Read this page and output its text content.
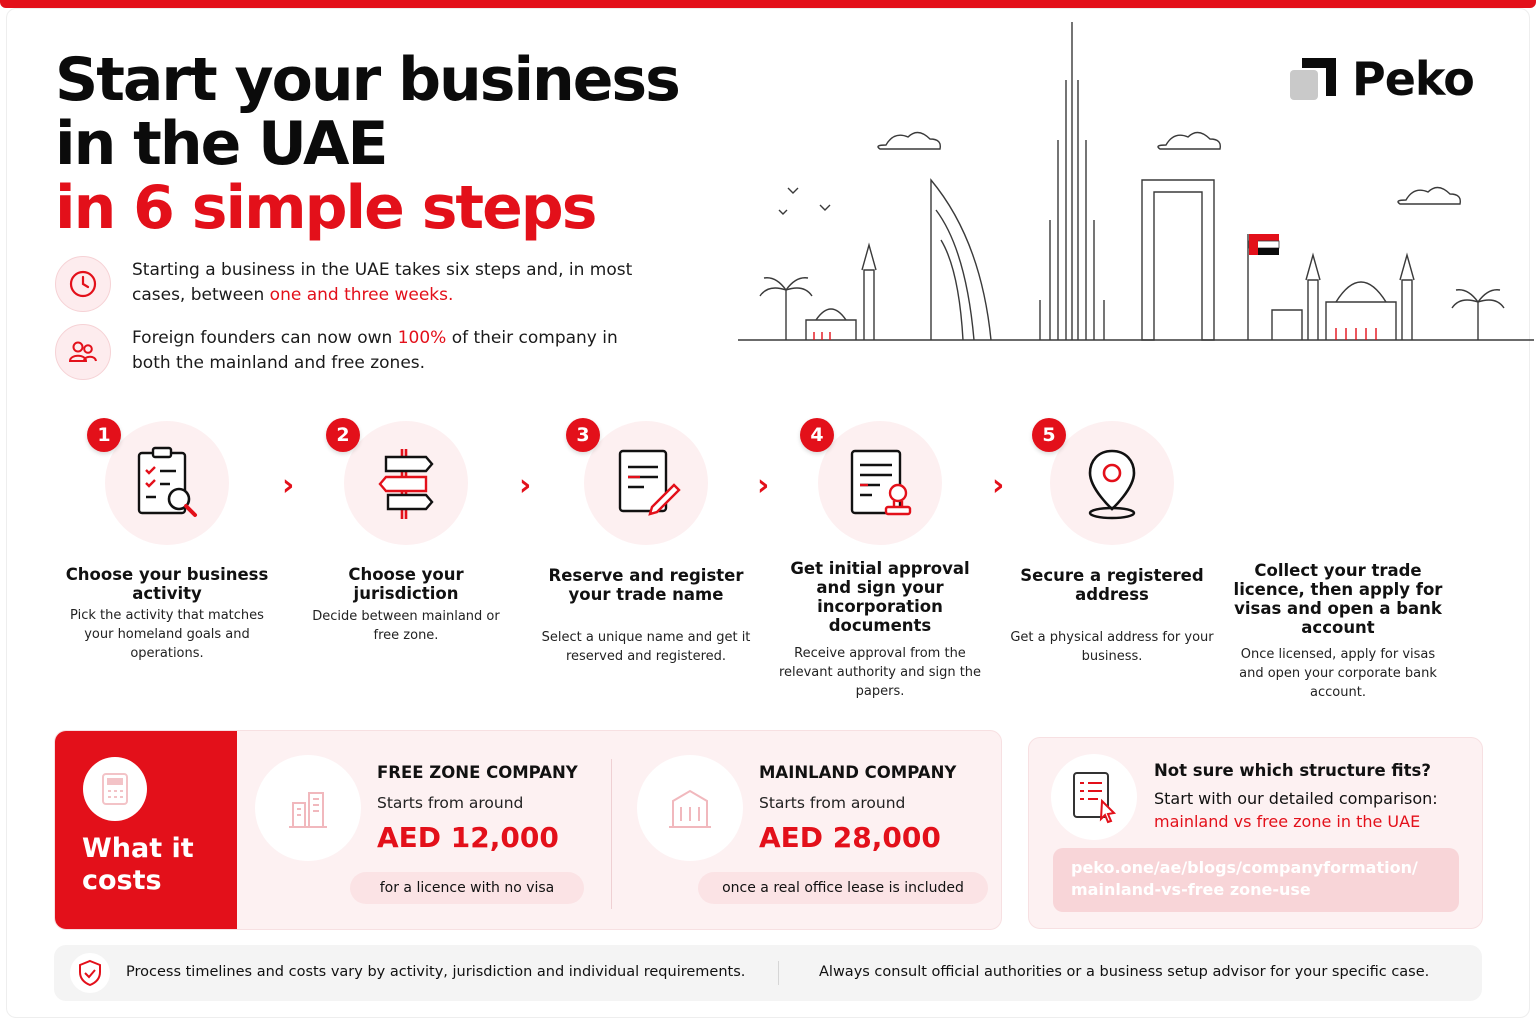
Start your business
in the UAE
in 6 simple steps

Starting a business in the UAE takes six steps and, in most cases, between one and three weeks.

Foreign founders can now own 100% of their company in both the mainland and free zones.

Peko
1
Choose your business activity
Pick the activity that matches your homeland goals and operations.
›
2
Choose your jurisdiction
Decide between mainland or free zone.
›
3
Reserve and register your trade name
Select a unique name and get it reserved and registered.
›
4
Get initial approval and sign your incorporation documents
Receive approval from the relevant authority and sign the papers.
›
5
Secure a registered address
Get a physical address for your business.
Collect your trade licence, then apply for visas and open a bank account
Once licensed, apply for visas and open your corporate bank account.
What it costs
FREE ZONE COMPANY
Starts from around
AED 12,000
for a licence with no visa
MAINLAND COMPANY
Starts from around
AED 28,000
once a real office lease is included
Not sure which structure fits?
Start with our detailed comparison:
mainland vs free zone in the UAE
peko.one/ae/blogs/companyformation/
mainland-vs-free zone-use
Process timelines and costs vary by activity, jurisdiction and individual requirements.	Always consult official authorities or a business setup advisor for your specific case.
